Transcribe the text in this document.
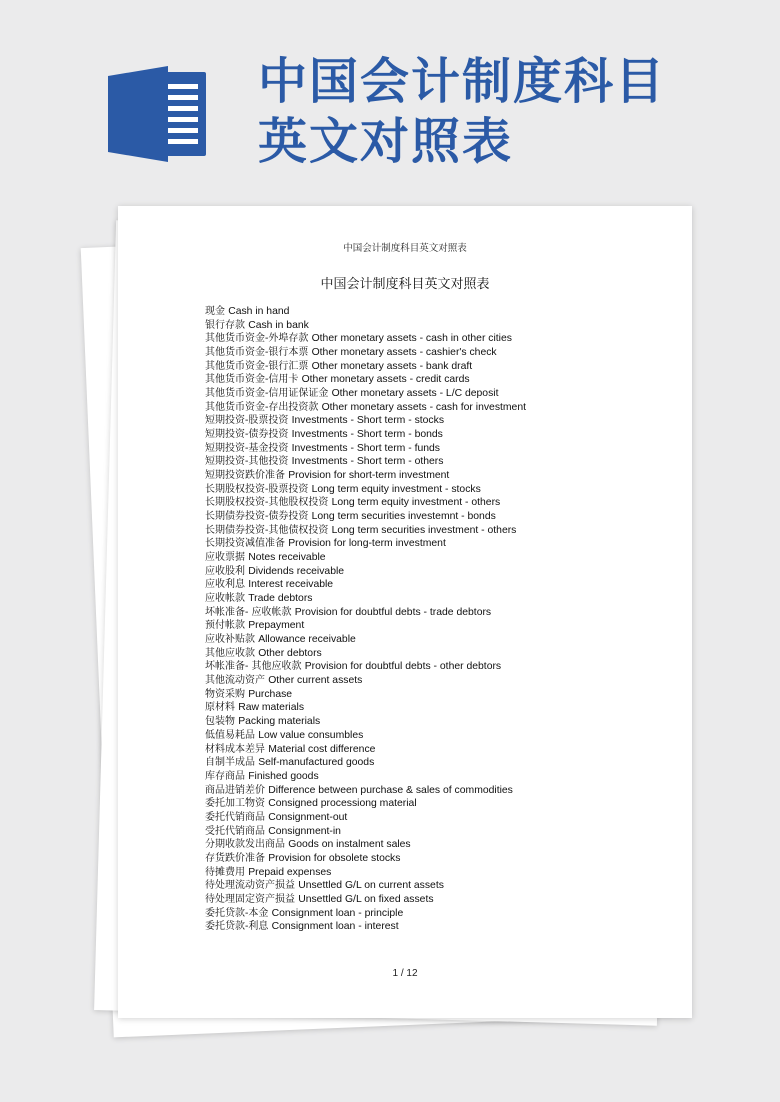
中国会计制度科目
英文对照表
中国会计制度科目英文对照表
中国会计制度科目英文对照表
现金 Cash in hand
银行存款 Cash in bank
其他货币资金-外埠存款 Other monetary assets - cash in other cities
其他货币资金-银行本票 Other monetary assets - cashier's check
其他货币资金-银行汇票 Other monetary assets - bank draft
其他货币资金-信用卡 Other monetary assets - credit cards
其他货币资金-信用证保证金 Other monetary assets - L/C deposit
其他货币资金-存出投资款 Other monetary assets - cash for investment
短期投资-股票投资 Investments - Short term - stocks
短期投资-债券投资 Investments - Short term - bonds
短期投资-基金投资 Investments - Short term - funds
短期投资-其他投资 Investments - Short term - others
短期投资跌价准备 Provision for short-term investment
长期股权投资-股票投资 Long term equity investment - stocks
长期股权投资-其他股权投资 Long term equity investment - others
长期债券投资-债券投资 Long term securities investemnt - bonds
长期债券投资-其他债权投资 Long term securities investment - others
长期投资减值准备 Provision for long-term investment
应收票据 Notes receivable
应收股利 Dividends receivable
应收利息 Interest receivable
应收帐款 Trade debtors
坏帐准备- 应收帐款 Provision for doubtful debts - trade debtors
预付帐款 Prepayment
应收补贴款 Allowance receivable
其他应收款 Other debtors
坏帐准备- 其他应收款 Provision for doubtful debts - other debtors
其他流动资产 Other current assets
物资采购 Purchase
原材料 Raw materials
包装物 Packing materials
低值易耗品 Low value consumbles
材料成本差异 Material cost difference
自制半成品 Self-manufactured goods
库存商品 Finished goods
商品进销差价 Difference between purchase & sales of commodities
委托加工物资 Consigned processiong material
委托代销商品 Consignment-out
受托代销商品 Consignment-in
分期收款发出商品 Goods on instalment sales
存货跌价准备 Provision for obsolete stocks
待摊费用 Prepaid expenses
待处理流动资产损益 Unsettled G/L on current assets
待处理固定资产损益 Unsettled G/L on fixed assets
委托贷款-本金 Consignment loan - principle
委托贷款-利息 Consignment loan - interest
1 / 12
